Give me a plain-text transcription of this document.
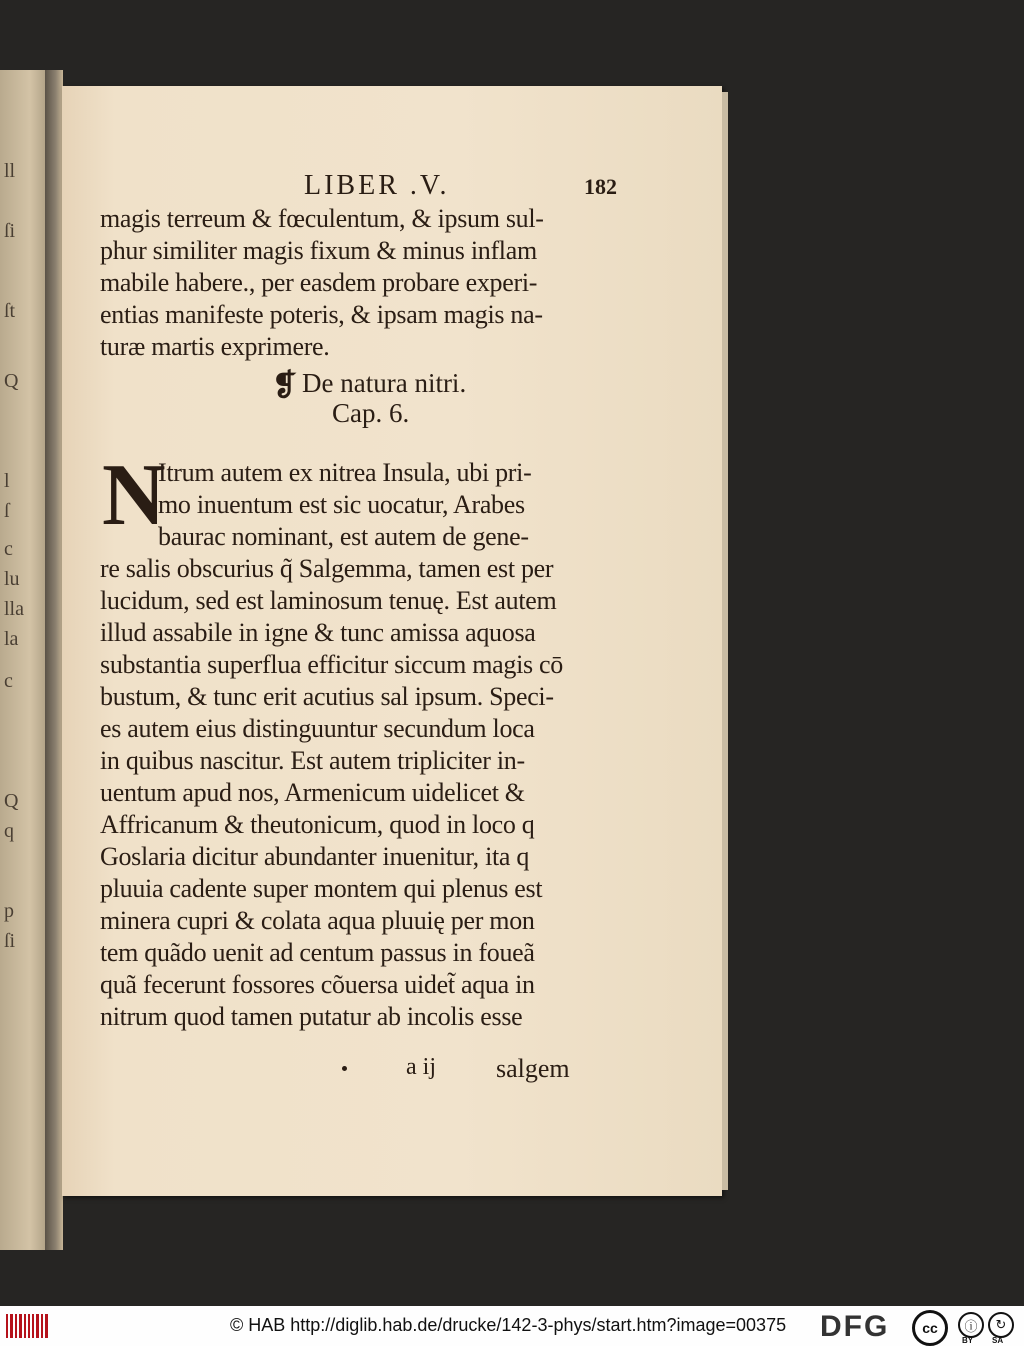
ll
ſi
ſt
Q
l
ſ
c
lu
lla
la
c
Q
q
p
ſi
LIBER .V.	182
magis terreum & fœculentum, & ipsum sul-
phur similiter magis fixum & minus inflam
mabile habere., per easdem probare experi-
entias manifeste poteris, & ipsam magis na-
turæ martis exprimere.
❡ De natura nitri.
Cap. 6.
N
Itrum autem ex nitrea Insula, ubi pri-
mo inuentum est sic uocatur, Arabes
baurac nominant, est autem de gene-
re salis obscurius q̃ Salgemma, tamen est per
lucidum, sed est laminosum tenuę. Est autem
illud assabile in igne & tunc amissa aquosa
substantia superflua efficitur siccum magis cō
bustum, & tunc erit acutius sal ipsum. Speci-
es autem eius distinguuntur secundum loca
in quibus nascitur. Est autem tripliciter in-
uentum apud nos, Armenicum uidelicet &
Affricanum & theutonicum, quod in loco q
Goslaria dicitur abundanter inuenitur, ita q
pluuia cadente super montem qui plenus est
minera cupri & colata aqua pluuię per mon
tem quãdo uenit ad centum passus in foueã
quã fecerunt fossores cõuersa uidet̃ aqua in
nitrum quod tamen putatur ab incolis esse
a ij salgem
© HAB http://diglib.hab.de/drucke/142-3-phys/start.htm?image=00375 DFG	cc	ⓘ
BY
↻
SA
